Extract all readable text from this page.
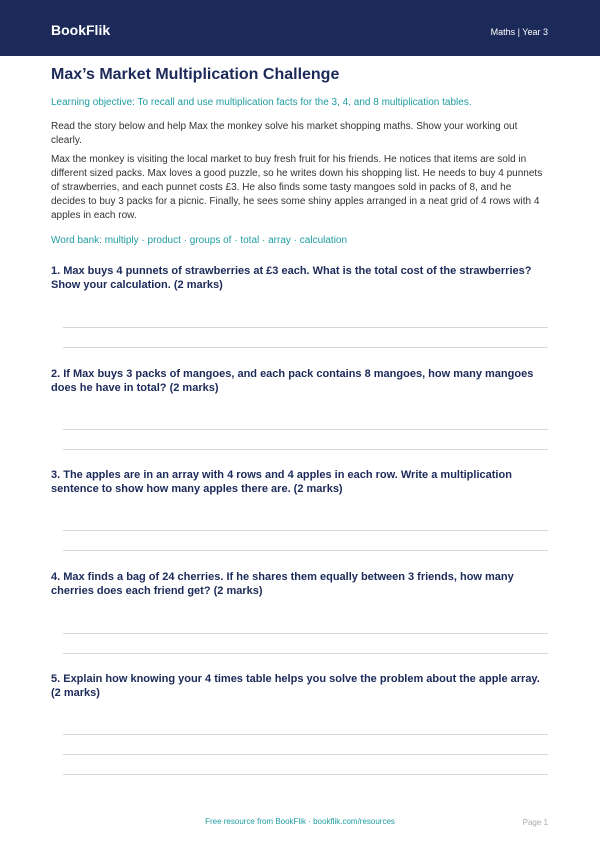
BookFlik	Maths | Year 3
Max’s Market Multiplication Challenge
Learning objective: To recall and use multiplication facts for the 3, 4, and 8 multiplication tables.
Read the story below and help Max the monkey solve his market shopping maths. Show your working out clearly.
Max the monkey is visiting the local market to buy fresh fruit for his friends. He notices that items are sold in different sized packs. Max loves a good puzzle, so he writes down his shopping list. He needs to buy 4 punnets of strawberries, and each punnet costs £3. He also finds some tasty mangoes sold in packs of 8, and he decides to buy 3 packs for a picnic. Finally, he sees some shiny apples arranged in a neat grid of 4 rows with 4 apples in each row.
Word bank: multiply · product · groups of · total · array · calculation
1. Max buys 4 punnets of strawberries at £3 each. What is the total cost of the strawberries? Show your calculation. (2 marks)
2. If Max buys 3 packs of mangoes, and each pack contains 8 mangoes, how many mangoes does he have in total? (2 marks)
3. The apples are in an array with 4 rows and 4 apples in each row. Write a multiplication sentence to show how many apples there are. (2 marks)
4. Max finds a bag of 24 cherries. If he shares them equally between 3 friends, how many cherries does each friend get? (2 marks)
5. Explain how knowing your 4 times table helps you solve the problem about the apple array. (2 marks)
Free resource from BookFlik · bookflik.com/resources	Page 1
